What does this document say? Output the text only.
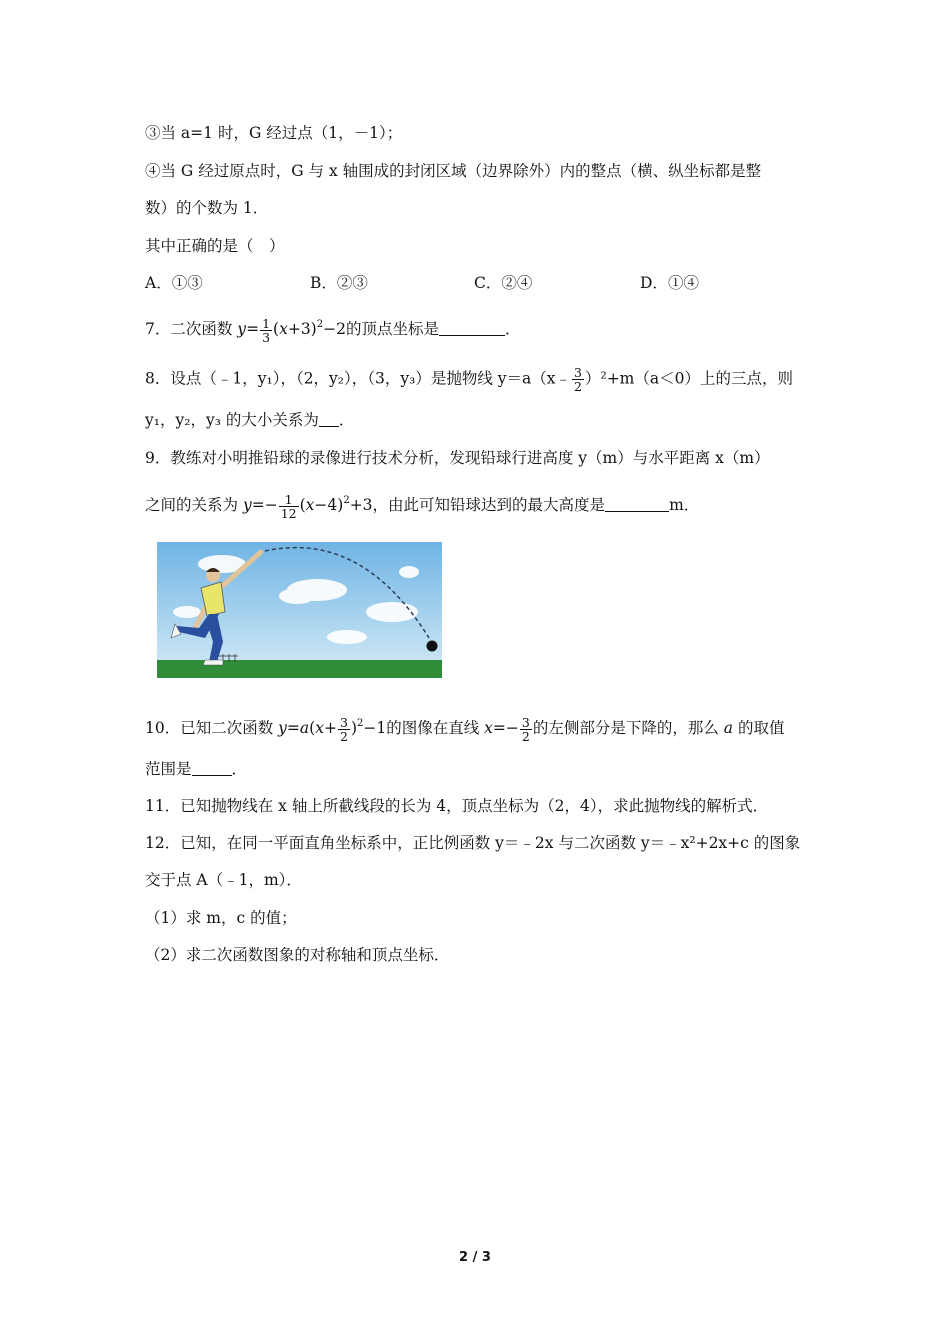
③当 a=1 时，G 经过点（1，－1）；
④当 G 经过原点时，G 与 x 轴围成的封闭区域（边界除外）内的整点（横、纵坐标都是整
数）的个数为 1．
其中正确的是（　）
A．①③	B．②③	C．②④	D．①④
7．二次函数 $y= \frac{1}{3} (x+3)^2-2$的顶点坐标是	．
8．设点（﹣1，y₁），（2，y₂），（3，y₃）是抛物线 y＝a（x﹣ $\frac{3}{2} )^2+m(a<0)$上的三点，则
y₁，y₂，y₃ 的大小关系为 ．
9．教练对小明推铅球的录像进行技术分析，发现铅球行进高度 y（m）与水平距离 x（m）
之间的关系为 $y=- \frac{1}{12} (x-4)^2+3$，由此可知铅球达到的最大高度是	m．
10．已知二次函数 $y=a(x+ \frac{3}{2} )^2-1$的图像在直线 $x=- \frac{3}{2}$ 的左侧部分是下降的，那么 a 的取值
范围是	．
11．已知抛物线在 x 轴上所截线段的长为 4，顶点坐标为（2，4），求此抛物线的解析式．
12．已知，在同一平面直角坐标系中，正比例函数 y＝﹣2x 与二次函数 y＝﹣x²+2x+c 的图象
交于点 A（﹣1，m）．
（1）求 m，c 的值；
（2）求二次函数图象的对称轴和顶点坐标．
2 / 3
